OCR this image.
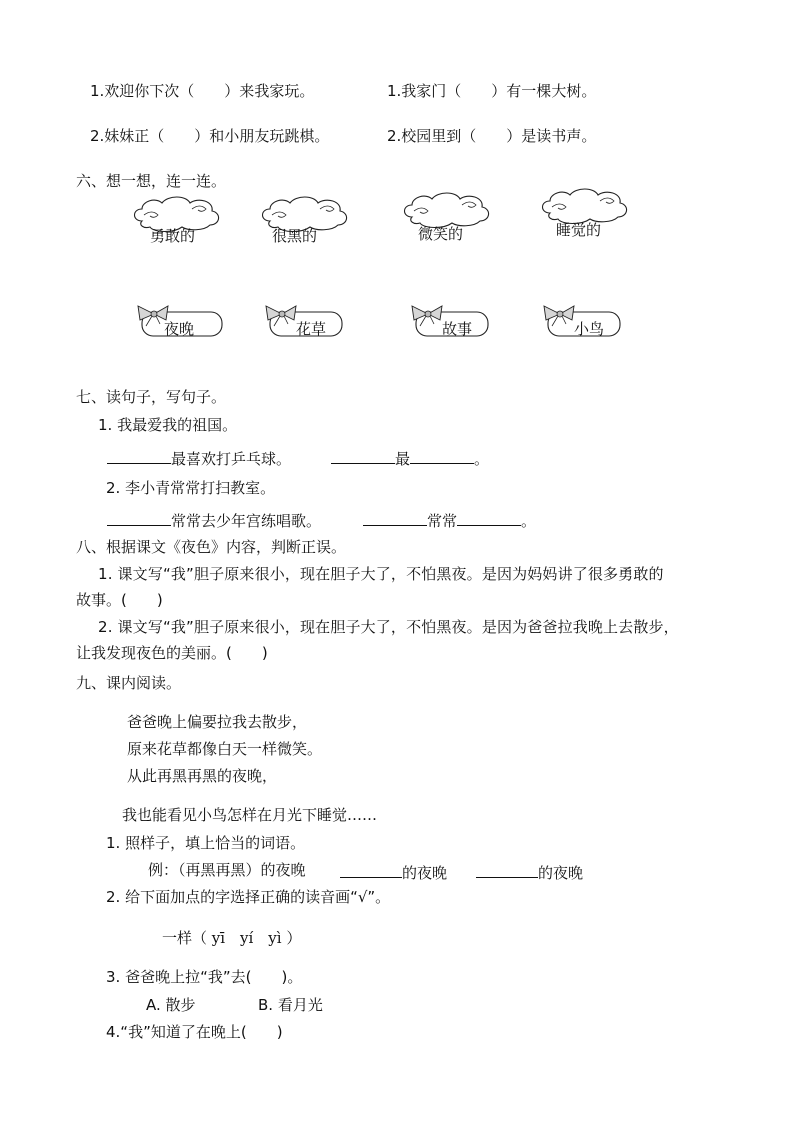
1.欢迎你下次（　　）来我家玩。	1.我家门（　　）有一棵大树。
2.妹妹正（　　）和小朋友玩跳棋。	2.校园里到（　　）是读书声。
六、想一想，连一连。
勇敢的	很黑的	微笑的	睡觉的
夜晚	花草	故事	小鸟
七、读句子，写句子。
1. 我最爱我的祖国。
最喜欢打乒乓球。	最	。
2. 李小青常常打扫教室。
常常去少年宫练唱歌。	常常	。
八、根据课文《夜色》内容，判断正误。
1. 课文写“我”胆子原来很小，现在胆子大了，不怕黑夜。是因为妈妈讲了很多勇敢的
故事。(　　)
2. 课文写“我”胆子原来很小，现在胆子大了，不怕黑夜。是因为爸爸拉我晚上去散步，
让我发现夜色的美丽。(　　)
九、课内阅读。
爸爸晚上偏要拉我去散步，
原来花草都像白天一样微笑。
从此再黑再黑的夜晚，
我也能看见小鸟怎样在月光下睡觉……
1. 照样子，填上恰当的词语。
例：（再黑再黑）的夜晚	的夜晚	的夜晚
2. 给下面加点的字选择正确的读音画“√”。
一样（ yī　yí　yì ）
3. 爸爸晚上拉“我”去(　　)。
A. 散步	B. 看月光
4.“我”知道了在晚上(　　)
